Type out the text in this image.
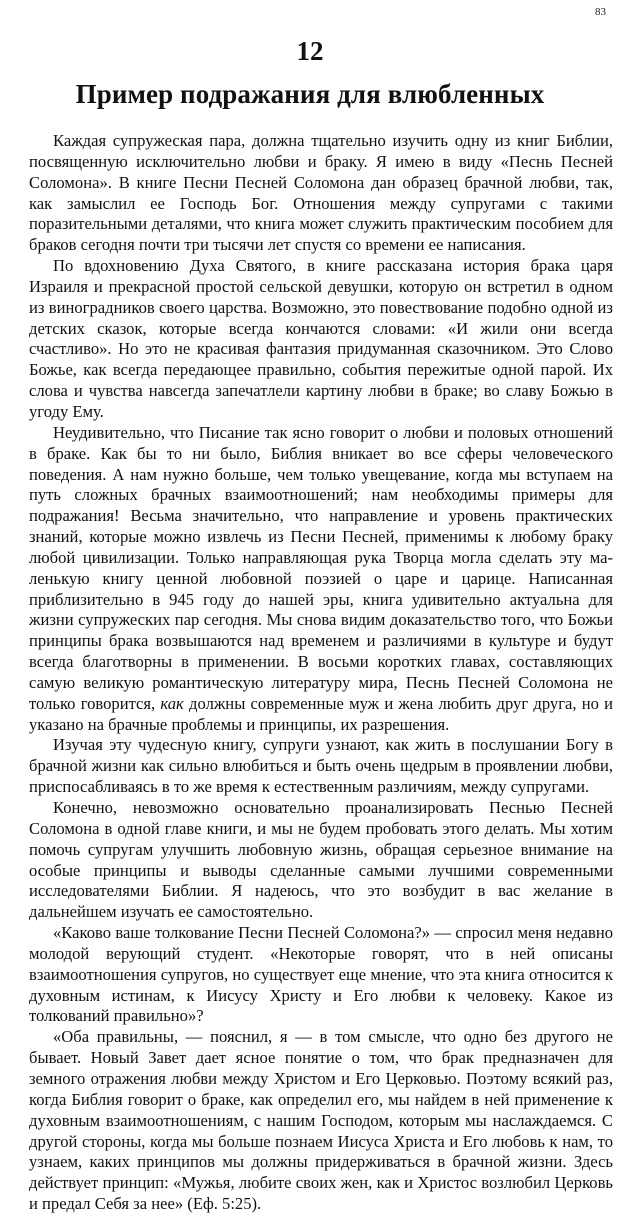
83
12
Пример подражания для влюбленных

Каждая супружеская пара, должна тщательно изучить одну из книг Библии, посвященную исключительно любви и браку. Я имею в виду «Песнь Песней Соломона». В книге Песни Песней Соломона дан образец брачной любви, так, как замыслил ее Господь Бог. Отношения между супругами с такими поразительными деталями, что книга может служить практическим пособием для браков сегодня почти три тысячи лет спустя со времени ее написания.

По вдохновению Духа Святого, в книге рассказана история брака царя Израиля и прекрасной простой сельской девушки, которую он встретил в одном из виноградников своего царства. Возможно, это повествование подобно одной из детских сказок, которые всегда кончаются словами: «И жили они всегда счастливо». Но это не красивая фантазия придуманная сказочником. Это Слово Божье, как всегда передающее правильно, события пережитые одной парой. Их слова и чувства навсегда запечатлели картину любви в браке; во славу Божью в угоду Ему.

Неудивительно, что Писание так ясно говорит о любви и половых отношений в браке. Как бы то ни было, Библия вникает во все сферы человеческого поведения. А нам нужно больше, чем только увещевание, когда мы вступаем на путь сложных брачных взаимоотношений; нам необходимы примеры для подражания! Весьма значительно, что направление и уровень практических знаний, которые можно извлечь из Песни Песней, применимы к любому браку любой цивилизации. Только направляющая рука Творца могла сделать эту маленькую книгу ценной любовной поэзией о царе и царице. Написанная приблизительно в 945 году до нашей эры, книга удивительно актуальна для жизни супружеских пар сегодня. Мы снова видим доказательство того, что Божьи принципы брака возвышаются над временем и различиями в культуре и будут всегда благотворны в применении. В восьми коротких главах, составляющих самую великую романтическую литературу мира, Песнь Песней Соломона не только говорится, как должны современные муж и жена любить друг друга, но и указано на брачные проблемы и принципы, их разрешения.

Изучая эту чудесную книгу, супруги узнают, как жить в послушании Богу в брачной жизни как сильно влюбиться и быть очень щедрым в проявлении любви, приспосабливаясь в то же время к естественным различиям, между супругами.

Конечно, невозможно основательно проанализировать Песнью Песней Соломона в одной главе книги, и мы не будем пробовать этого делать. Мы хотим помочь супругам улучшить любовную жизнь, обращая серьезное внимание на особые принципы и выводы сделанные самыми лучшими современными исследователями Библии. Я надеюсь, что это возбудит в вас желание в дальнейшем изучать ее самостоятельно.

«Каково ваше толкование Песни Песней Соломона?» — спросил меня недавно молодой верующий студент. «Некоторые говорят, что в ней описаны взаимоотношения супругов, но существует еще мнение, что эта книга относится к духовным истинам, к Иисусу Христу и Его любви к человеку. Какое из толкований правильно»?

«Оба правильны, — пояснил, я — в том смысле, что одно без другого не бывает. Новый Завет дает ясное понятие о том, что брак предназначен для земного отражения любви между Христом и Его Церковью. Поэтому всякий раз, когда Библия говорит о браке, как определил его, мы найдем в ней применение к духовным взаимоотношениям, с нашим Господом, которым мы наслаждаемся. С другой стороны, когда мы больше познаем Иисуса Христа и Его любовь к нам, то узнаем, каких принципов мы должны придерживаться в брачной жизни. Здесь действует принцип: «Мужья, любите своих жен, как и Христос возлюбил Церковь и предал Себя за нее» (Еф. 5:25).
